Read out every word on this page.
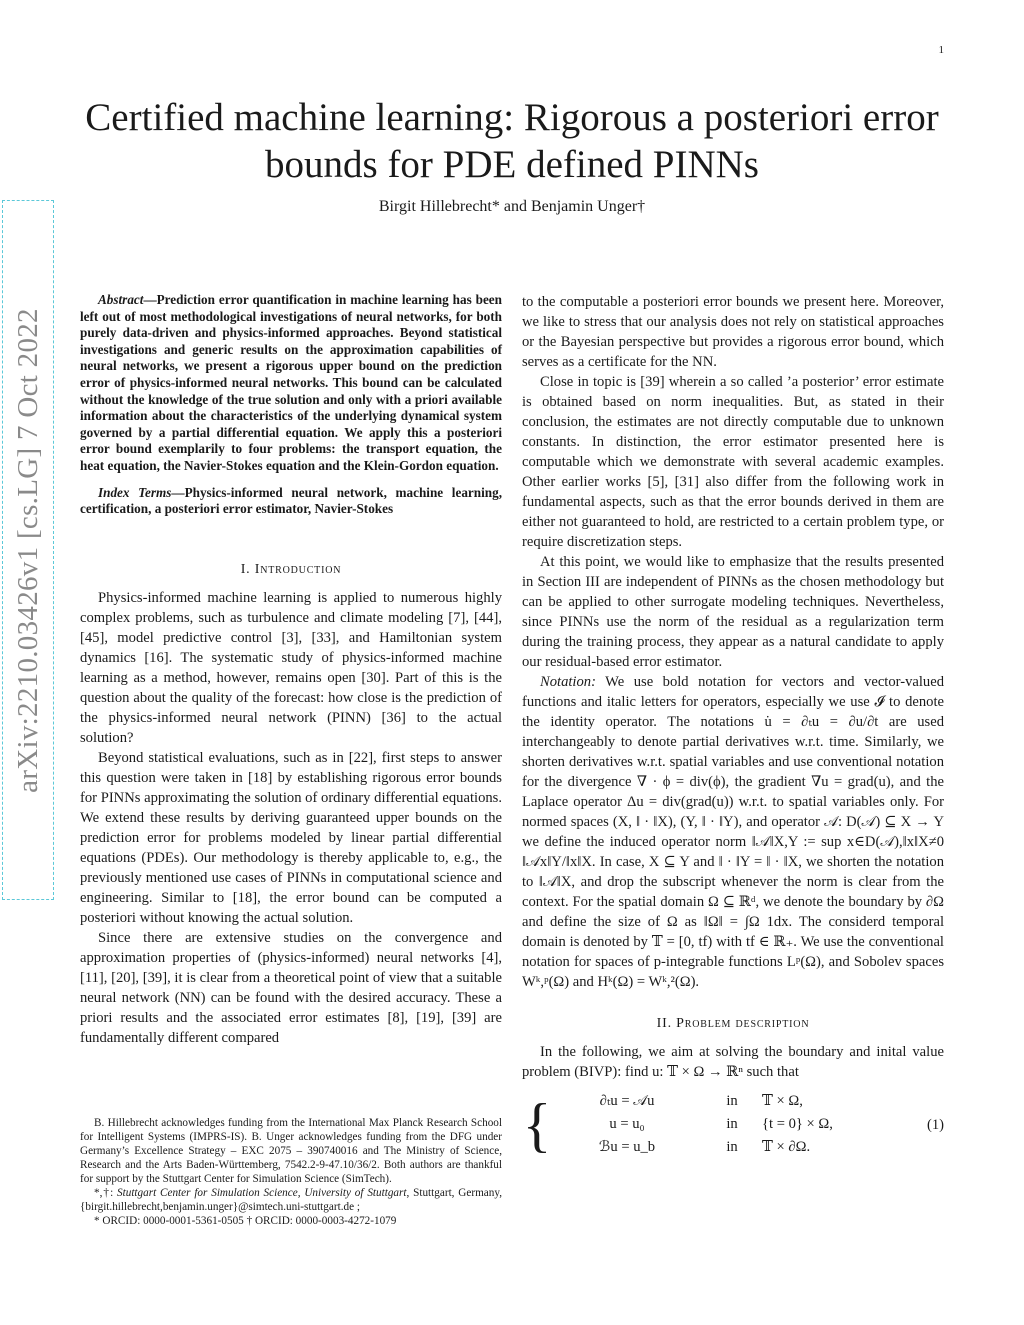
1
arXiv:2210.03426v1 [cs.LG] 7 Oct 2022
Certified machine learning: Rigorous a posteriori error bounds for PDE defined PINNs
Birgit Hillebrecht* and Benjamin Unger†

Abstract—Prediction error quantification in machine learning has been left out of most methodological investigations of neural networks, for both purely data-driven and physics-informed approaches. Beyond statistical investigations and generic results on the approximation capabilities of neural networks, we present a rigorous upper bound on the prediction error of physics-informed neural networks. This bound can be calculated without the knowledge of the true solution and only with a priori available information about the characteristics of the underlying dynamical system governed by a partial differential equation. We apply this a posteriori error bound exemplarily to four problems: the transport equation, the heat equation, the Navier-Stokes equation and the Klein-Gordon equation.

Index Terms—Physics-informed neural network, machine learning, certification, a posteriori error estimator, Navier-Stokes

I. Introduction

Physics-informed machine learning is applied to numerous highly complex problems, such as turbulence and climate modeling [7], [44], [45], model predictive control [3], [33], and Hamiltonian system dynamics [16]. The systematic study of physics-informed machine learning as a method, however, remains open [30]. Part of this is the question about the quality of the forecast: how close is the prediction of the physics-informed neural network (PINN) [36] to the actual solution?

Beyond statistical evaluations, such as in [22], first steps to answer this question were taken in [18] by establishing rigorous error bounds for PINNs approximating the solution of ordinary differential equations. We extend these results by deriving guaranteed upper bounds on the prediction error for problems modeled by linear partial differential equations (PDEs). Our methodology is thereby applicable to, e.g., the previously mentioned use cases of PINNs in computational science and engineering. Similar to [18], the error bound can be computed a posteriori without knowing the actual solution.

Since there are extensive studies on the convergence and approximation properties of (physics-informed) neural networks [4], [11], [20], [39], it is clear from a theoretical point of view that a suitable neural network (NN) can be found with the desired accuracy. These a priori results and the associated error estimates [8], [19], [39] are fundamentally different compared

to the computable a posteriori error bounds we present here. Moreover, we like to stress that our analysis does not rely on statistical approaches or the Bayesian perspective but provides a rigorous error bound, which serves as a certificate for the NN.

Close in topic is [39] wherein a so called ’a posterior’ error estimate is obtained based on norm inequalities. But, as stated in their conclusion, the estimates are not directly computable due to unknown constants. In distinction, the error estimator presented here is computable which we demonstrate with several academic examples. Other earlier works [5], [31] also differ from the following work in fundamental aspects, such as that the error bounds derived in them are either not guaranteed to hold, are restricted to a certain problem type, or require discretization steps.

At this point, we would like to emphasize that the results presented in Section III are independent of PINNs as the chosen methodology but can be applied to other surrogate modeling techniques. Nevertheless, since PINNs use the norm of the residual as a regularization term during the training process, they appear as a natural candidate to apply our residual-based error estimator.

Notation: We use bold notation for vectors and vector-valued functions and italic letters for operators, especially we use 𝓘 to denote the identity operator. The notations u̇ = ∂ₜu = ∂u/∂t are used interchangeably to denote partial derivatives w.r.t. time. Similarly, we shorten derivatives w.r.t. spatial variables and use conventional notation for the divergence ∇ · ϕ = div(ϕ), the gradient ∇u = grad(u), and the Laplace operator Δu = div(grad(u)) w.r.t. to spatial variables only. For normed spaces (X, ‖ · ‖X), (Y, ‖ · ‖Y), and operator 𝒜: D(𝒜) ⊆ X → Y we define the induced operator norm ‖𝒜‖X,Y := sup x∈D(𝒜),‖x‖X≠0 ‖𝒜x‖Y/‖x‖X. In case, X ⊆ Y and ‖ · ‖Y = ‖ · ‖X, we shorten the notation to ‖𝒜‖X, and drop the subscript whenever the norm is clear from the context. For the spatial domain Ω ⊆ ℝᵈ, we denote the boundary by ∂Ω and define the size of Ω as ‖Ω‖ = ∫Ω 1dx. The considerd temporal domain is denoted by 𝕋 = [0, tf) with tf ∈ ℝ₊. We use the conventional notation for spaces of p-integrable functions Lᵖ(Ω), and Sobolev spaces Wᵏ,ᵖ(Ω) and Hᵏ(Ω) = Wᵏ,²(Ω).

II. Problem description

In the following, we aim at solving the boundary and inital value problem (BIVP): find u: 𝕋 × Ω → ℝⁿ such that

{	∂ₜu = 𝒜u	in	𝕋 × Ω,
u = u₀	in	{t = 0} × Ω,
ℬu = u_b	in	𝕋 × ∂Ω.
(1)

B. Hillebrecht acknowledges funding from the International Max Planck Research School for Intelligent Systems (IMPRS-IS). B. Unger acknowledges funding from the DFG under Germany’s Excellence Strategy – EXC 2075 – 390740016 and The Ministry of Science, Research and the Arts Baden-Württemberg, 7542.2-9-47.10/36/2. Both authors are thankful for support by the Stuttgart Center for Simulation Science (SimTech).

*,†: Stuttgart Center for Simulation Science, University of Stuttgart, Stuttgart, Germany, {birgit.hillebrecht,benjamin.unger}@simtech.uni-stuttgart.de ;

* ORCID: 0000-0001-5361-0505 † ORCID: 0000-0003-4272-1079
